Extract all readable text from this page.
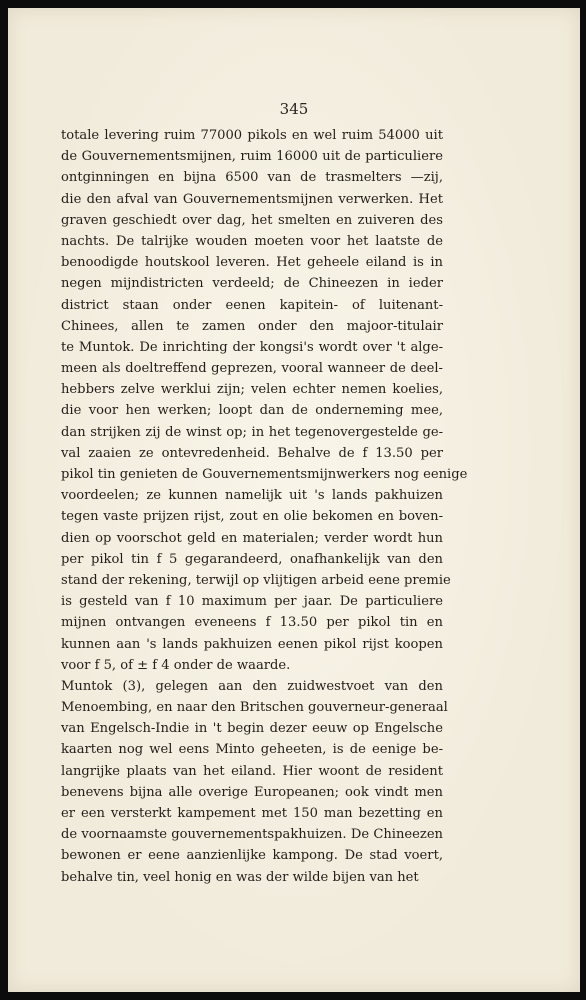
345
totale levering ruim 77000 pikols en wel ruim 54000 uit
de Gouvernementsmijnen, ruim 16000 uit de particuliere
ontginningen en bijna 6500 van de trasmelters —zij,
die den afval van Gouvernementsmijnen verwerken. Het
graven geschiedt over dag, het smelten en zuiveren des
nachts. De talrijke wouden moeten voor het laatste de
benoodigde houtskool leveren. Het geheele eiland is in
negen mijndistricten verdeeld; de Chineezen in ieder
district staan onder eenen kapitein- of luitenant-
Chinees, allen te zamen onder den majoor-titulair
te Muntok. De inrichting der kongsi's wordt over 't alge-
meen als doeltreffend geprezen, vooral wanneer de deel-
hebbers zelve werklui zijn; velen echter nemen koelies,
die voor hen werken; loopt dan de onderneming mee,
dan strijken zij de winst op; in het tegenovergestelde ge-
val zaaien ze ontevredenheid. Behalve de f 13.50 per
pikol tin genieten de Gouvernementsmijnwerkers nog eenige
voordeelen; ze kunnen namelijk uit 's lands pakhuizen
tegen vaste prijzen rijst, zout en olie bekomen en boven-
dien op voorschot geld en materialen; verder wordt hun
per pikol tin f 5 gegarandeerd, onafhankelijk van den
stand der rekening, terwijl op vlijtigen arbeid eene premie
is gesteld van f 10 maximum per jaar. De particuliere
mijnen ontvangen eveneens f 13.50 per pikol tin en
kunnen aan 's lands pakhuizen eenen pikol rijst koopen
voor f 5, of ± f 4 onder de waarde.
Muntok (3), gelegen aan den zuidwestvoet van den
Menoembing, en naar den Britschen gouverneur-generaal
van Engelsch-Indie in 't begin dezer eeuw op Engelsche
kaarten nog wel eens Minto geheeten, is de eenige be-
langrijke plaats van het eiland. Hier woont de resident
benevens bijna alle overige Europeanen; ook vindt men
er een versterkt kampement met 150 man bezetting en
de voornaamste gouvernementspakhuizen. De Chineezen
bewonen er eene aanzienlijke kampong. De stad voert,
behalve tin, veel honig en was der wilde bijen van het
